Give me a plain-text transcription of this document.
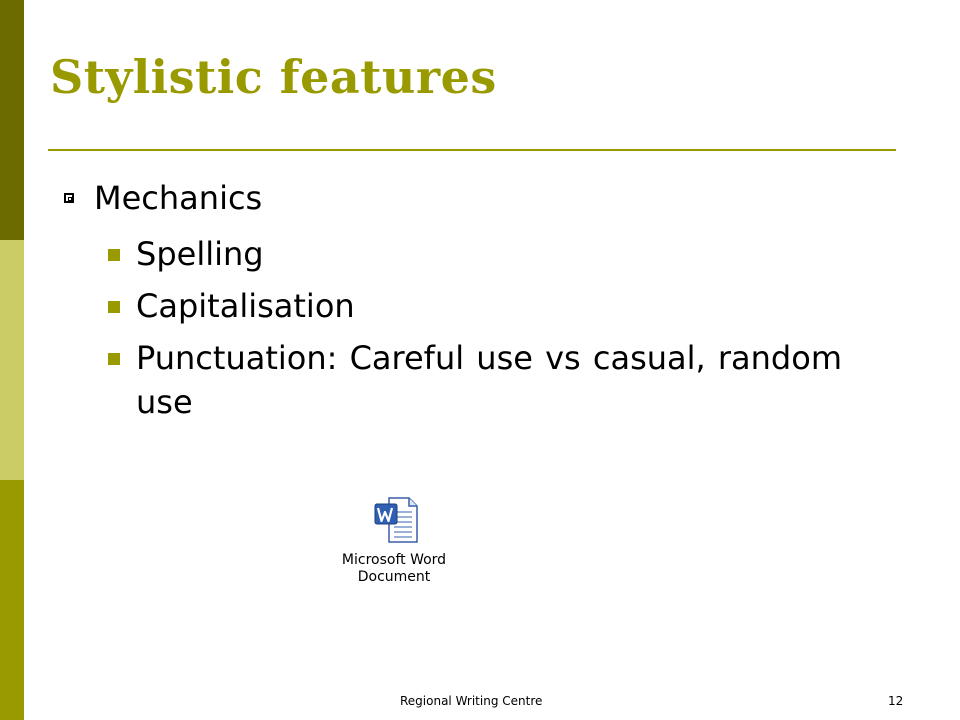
Stylistic features
Mechanics
Spelling
Capitalisation
Punctuation: Careful use vs casual, random use
Microsoft Word
Document
Regional Writing Centre	12
